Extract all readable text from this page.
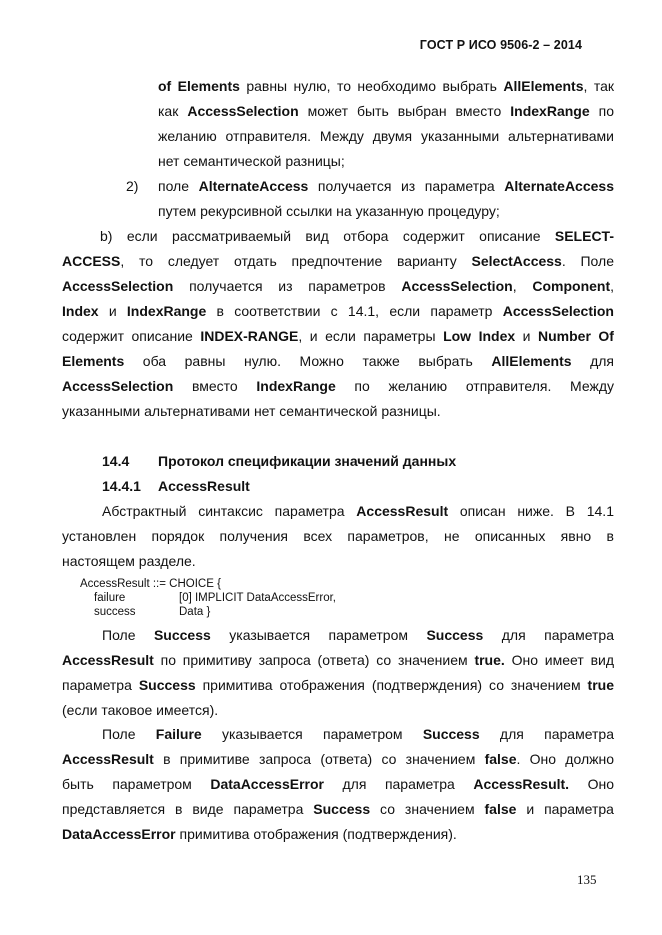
ГОСТ Р ИСО 9506-2 – 2014
of Elements равны нулю, то необходимо выбрать AllElements, так
как AccessSelection может быть выбран вместо IndexRange по
желанию отправителя. Между двумя указанными альтернативами
нет семантической разницы;
2) поле AlternateAccess получается из параметра AlternateAccess
путем рекурсивной ссылки на указанную процедуру;
b) если рассматриваемый вид отбора содержит описание SELECT-
ACCESS, то следует отдать предпочтение варианту SelectAccess. Поле
AccessSelection получается из параметров AccessSelection, Component,
Index и IndexRange в соответствии с 14.1, если параметр AccessSelection
содержит описание INDEX-RANGE, и если параметры Low Index и Number Of
Elements оба равны нулю. Можно также выбрать AllElements для
AccessSelection вместо IndexRange по желанию отправителя. Между
указанными альтернативами нет семантической разницы.
14.4 Протокол спецификации значений данных
14.4.1 AccessResult
Абстрактный синтаксис параметра AccessResult описан ниже. В 14.1
установлен порядок получения всех параметров, не описанных явно в
настоящем разделе.
AccessResult ::= CHOICE {
failure	[0] IMPLICIT DataAccessError,
success	Data }
Поле Success указывается параметром Success для параметра
AccessResult по примитиву запроса (ответа) со значением true. Оно имеет вид
параметра Success примитива отображения (подтверждения) со значением true
(если таковое имеется).
Поле Failure указывается параметром Success для параметра
AccessResult в примитиве запроса (ответа) со значением false. Оно должно
быть параметром DataAccessError для параметра AccessResult. Оно
представляется в виде параметра Success со значением false и параметра
DataAccessError примитива отображения (подтверждения).
135
